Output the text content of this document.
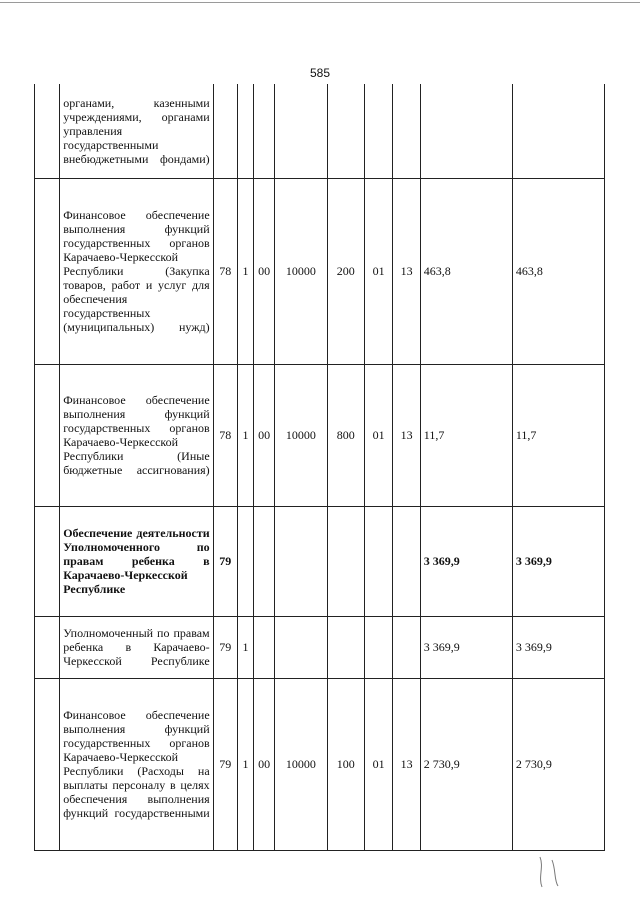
585
	органами, казенными учреждениями, органами управления государственными внебюджетными фондами)									
	Финансовое обеспечение выполнения функций государственных органов Карачаево-Черкесской Республики (Закупка товаров, работ и услуг для обеспечения государственных (муниципальных) нужд)	78	1	00	10000	200	01	13	463,8	463,8
	Финансовое обеспечение выполнения функций государственных органов Карачаево-Черкесской Республики (Иные бюджетные ассигнования)	78	1	00	10000	800	01	13	11,7	11,7
	Обеспечение деятельности Уполномоченного по правам ребенка в Карачаево-Черкесской Республике	79							3 369,9	3 369,9
	Уполномоченный по правам ребенка в Карачаево-Черкесской Республике	79	1						3 369,9	3 369,9
	Финансовое обеспечение выполнения функций государственных органов Карачаево-Черкесской Республики (Расходы на выплаты персоналу в целях обеспечения выполнения функций государственными	79	1	00	10000	100	01	13	2 730,9	2 730,9
